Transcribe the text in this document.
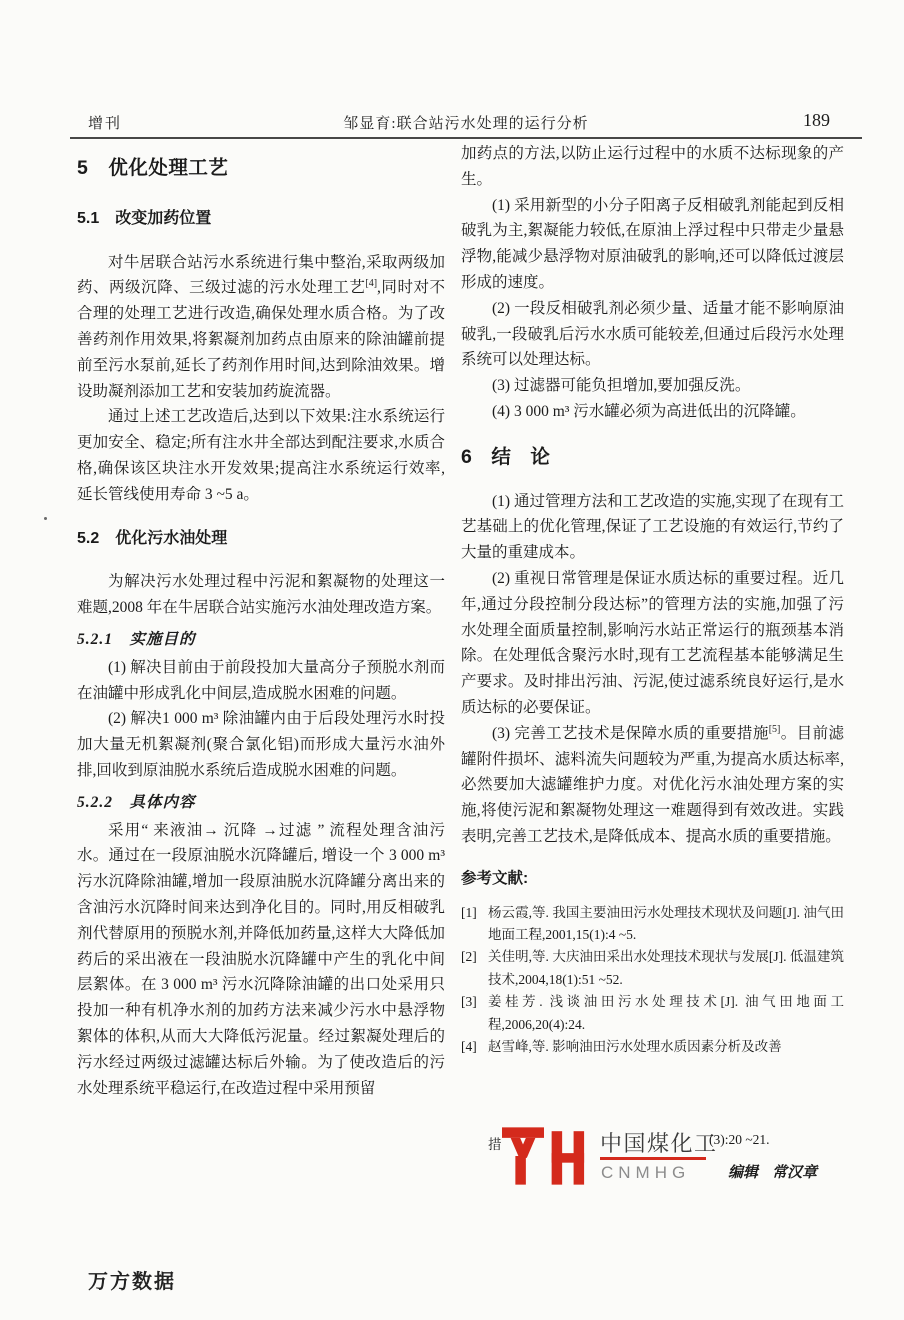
增刊	邹显育:联合站污水处理的运行分析	189

5　优化处理工艺

5.1　改变加药位置

对牛居联合站污水系统进行集中整治,采取两级加药、两级沉降、三级过滤的污水处理工艺[4],同时对不合理的处理工艺进行改造,确保处理水质合格。为了改善药剂作用效果,将絮凝剂加药点由原来的除油罐前提前至污水泵前,延长了药剂作用时间,达到除油效果。增设助凝剂添加工艺和安装加药旋流器。

通过上述工艺改造后,达到以下效果:注水系统运行更加安全、稳定;所有注水井全部达到配注要求,水质合格,确保该区块注水开发效果;提高注水系统运行效率,延长管线使用寿命 3 ~5 a。

5.2　优化污水油处理

为解决污水处理过程中污泥和絮凝物的处理这一难题,2008 年在牛居联合站实施污水油处理改造方案。

5.2.1　实施目的

(1) 解决目前由于前段投加大量高分子预脱水剂而在油罐中形成乳化中间层,造成脱水困难的问题。

(2) 解决1 000 m³ 除油罐内由于后段处理污水时投加大量无机絮凝剂(聚合氯化铝)而形成大量污水油外排,回收到原油脱水系统后造成脱水困难的问题。

5.2.2　具体内容

采用“ 来液油→ 沉降 →过滤 ” 流程处理含油污水。通过在一段原油脱水沉降罐后, 增设一个 3 000 m³ 污水沉降除油罐,增加一段原油脱水沉降罐分离出来的含油污水沉降时间来达到净化目的。同时,用反相破乳剂代替原用的预脱水剂,并降低加药量,这样大大降低加药后的采出液在一段油脱水沉降罐中产生的乳化中间层絮体。在 3 000 m³ 污水沉降除油罐的出口处采用只投加一种有机净水剂的加药方法来减少污水中悬浮物絮体的体积,从而大大降低污泥量。经过絮凝处理后的污水经过两级过滤罐达标后外输。为了使改造后的污水处理系统平稳运行,在改造过程中采用预留

加药点的方法,以防止运行过程中的水质不达标现象的产生。

(1) 采用新型的小分子阳离子反相破乳剂能起到反相破乳为主,絮凝能力较低,在原油上浮过程中只带走少量悬浮物,能减少悬浮物对原油破乳的影响,还可以降低过渡层形成的速度。

(2) 一段反相破乳剂必须少量、适量才能不影响原油破乳,一段破乳后污水水质可能较差,但通过后段污水处理系统可以处理达标。

(3) 过滤器可能负担增加,要加强反洗。

(4) 3 000 m³ 污水罐必须为高进低出的沉降罐。

6　结　论

(1) 通过管理方法和工艺改造的实施,实现了在现有工艺基础上的优化管理,保证了工艺设施的有效运行,节约了大量的重建成本。

(2) 重视日常管理是保证水质达标的重要过程。近几年,通过分段控制分段达标”的管理方法的实施,加强了污水处理全面质量控制,影响污水站正常运行的瓶颈基本消除。在处理低含聚污水时,现有工艺流程基本能够满足生产要求。及时排出污油、污泥,使过滤系统良好运行,是水质达标的必要保证。

(3) 完善工艺技术是保障水质的重要措施[5]。目前滤罐附件损坏、滤料流失问题较为严重,为提高水质达标率,必然要加大滤罐维护力度。对优化污水油处理方案的实施,将使污泥和絮凝物处理这一难题得到有效改进。实践表明,完善工艺技术,是降低成本、提高水质的重要措施。

参考文献:

[1] 杨云霞,等. 我国主要油田污水处理技术现状及问题[J]. 油气田地面工程,2001,15(1):4 ~5.

[2] 关佳明,等. 大庆油田采出水处理技术现状与发展[J]. 低温建筑技术,2004,18(1):51 ~52.

[3] 姜桂芳. 浅谈油田污水处理技术[J]. 油气田地面工程,2006,20(4):24.

[4] 赵雪峰,等. 影响油田污水处理水质因素分析及改善

措	中国煤化工
CNMHG
(3):20 ~21.
编辑 常汉章
万方数据
